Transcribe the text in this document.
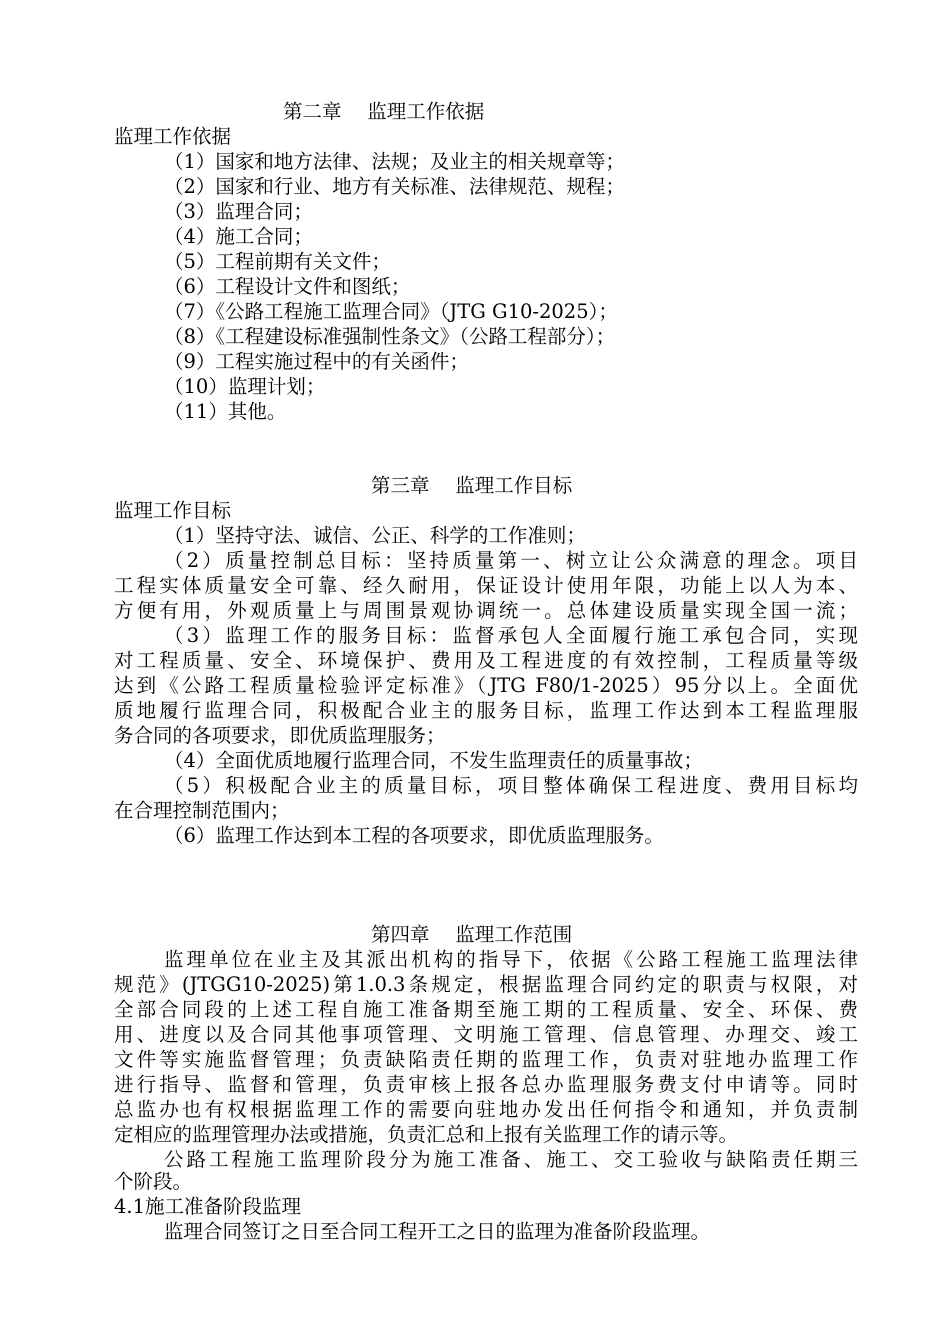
第二章　 监理工作依据
监理工作依据
（1）国家和地方法律、法规；及业主的相关规章等；
（2）国家和行业、地方有关标准、法律规范、规程；
（3）监理合同；
（4）施工合同；
（5）工程前期有关文件；
（6）工程设计文件和图纸；
（7）《公路工程施工监理合同》（JTG G10-2025）；
（8）《工程建设标准强制性条文》（公路工程部分）；
（9）工程实施过程中的有关函件；
（10）监理计划；
（11）其他。
第三章　 监理工作目标
监理工作目标
（1）坚持守法、诚信、公正、科学的工作准则；
（2）质量控制总目标：坚持质量第一、树立让公众满意的理念。项目
工程实体质量安全可靠、经久耐用，保证设计使用年限，功能上以人为本、
方便有用，外观质量上与周围景观协调统一。总体建设质量实现全国一流；
（3）监理工作的服务目标：监督承包人全面履行施工承包合同，实现
对工程质量、安全、环境保护、费用及工程进度的有效控制，工程质量等级
达到《公路工程质量检验评定标准》（JTG F80/1-2025）95分以上。全面优
质地履行监理合同，积极配合业主的服务目标，监理工作达到本工程监理服
务合同的各项要求，即优质监理服务；
（4）全面优质地履行监理合同，不发生监理责任的质量事故；
（5）积极配合业主的质量目标，项目整体确保工程进度、费用目标均
在合理控制范围内；
（6）监理工作达到本工程的各项要求，即优质监理服务。
第四章　 监理工作范围
监理单位在业主及其派出机构的指导下，依据《公路工程施工监理法律
规范》(JTGG10-2025)第1.0.3条规定，根据监理合同约定的职责与权限，对
全部合同段的上述工程自施工准备期至施工期的工程质量、安全、环保、费
用、进度以及合同其他事项管理、文明施工管理、信息管理、办理交、竣工
文件等实施监督管理；负责缺陷责任期的监理工作，负责对驻地办监理工作
进行指导、监督和管理，负责审核上报各总办监理服务费支付申请等。同时
总监办也有权根据监理工作的需要向驻地办发出任何指令和通知，并负责制
定相应的监理管理办法或措施，负责汇总和上报有关监理工作的请示等。
公路工程施工监理阶段分为施工准备、施工、交工验收与缺陷责任期三
个阶段。
4.1施工准备阶段监理
监理合同签订之日至合同工程开工之日的监理为准备阶段监理。
